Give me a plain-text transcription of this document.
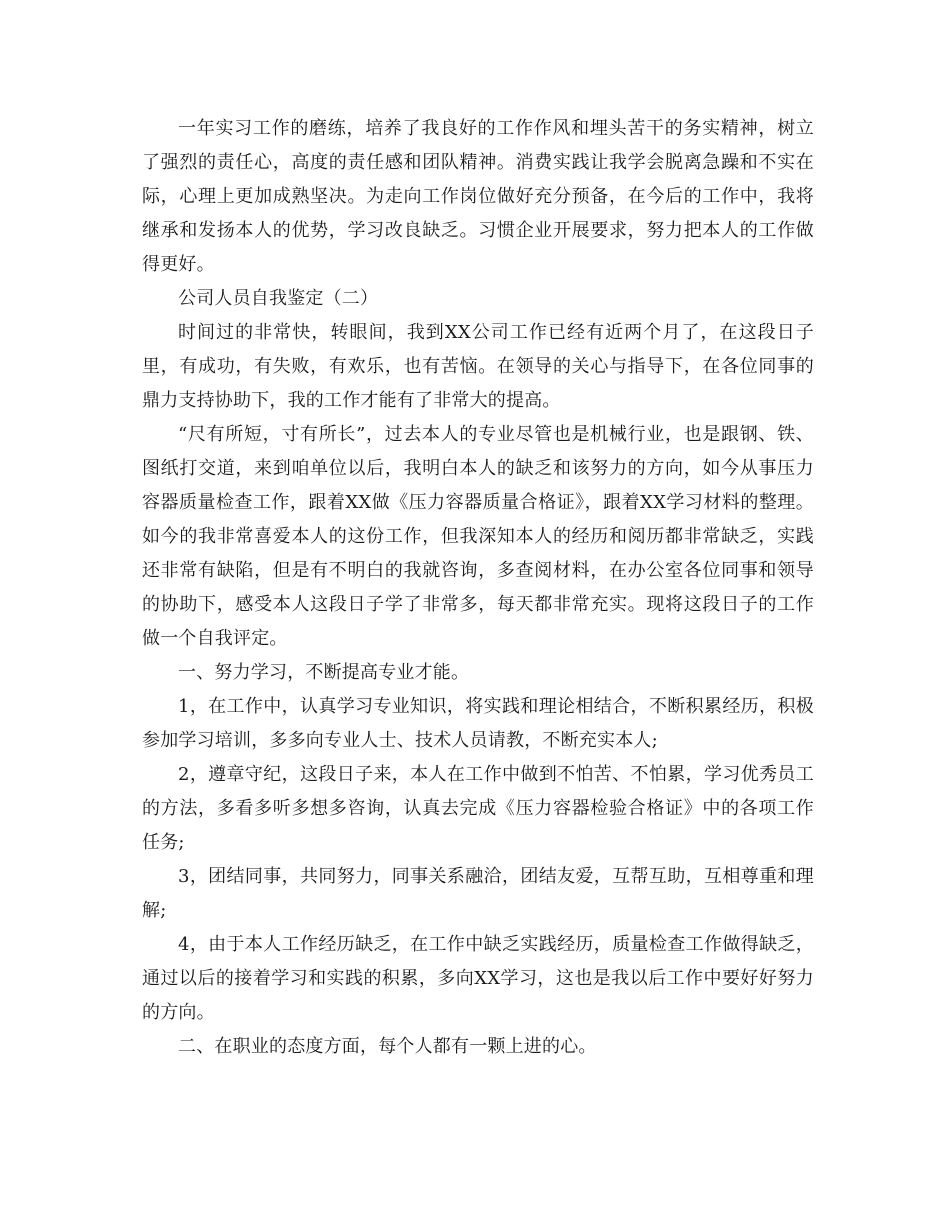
一年实习工作的磨练，培养了我良好的工作作风和埋头苦干的务实精神，树立了强烈的责任心，高度的责任感和团队精神。消费实践让我学会脱离急躁和不实在际，心理上更加成熟坚决。为走向工作岗位做好充分预备，在今后的工作中，我将继承和发扬本人的优势，学习改良缺乏。习惯企业开展要求，努力把本人的工作做得更好。

公司人员自我鉴定（二）

时间过的非常快，转眼间，我到XX公司工作已经有近两个月了，在这段日子里，有成功，有失败，有欢乐，也有苦恼。在领导的关心与指导下，在各位同事的鼎力支持协助下，我的工作才能有了非常大的提高。

“尺有所短，寸有所长”，过去本人的专业尽管也是机械行业，也是跟钢、铁、图纸打交道，来到咱单位以后，我明白本人的缺乏和该努力的方向，如今从事压力容器质量检查工作，跟着XX做《压力容器质量合格证》，跟着XX学习材料的整理。如今的我非常喜爱本人的这份工作，但我深知本人的经历和阅历都非常缺乏，实践还非常有缺陷，但是有不明白的我就咨询，多查阅材料，在办公室各位同事和领导的协助下，感受本人这段日子学了非常多，每天都非常充实。现将这段日子的工作做一个自我评定。

一、努力学习，不断提高专业才能。

1，在工作中，认真学习专业知识，将实践和理论相结合，不断积累经历，积极参加学习培训，多多向专业人士、技术人员请教，不断充实本人;

2，遵章守纪，这段日子来，本人在工作中做到不怕苦、不怕累，学习优秀员工的方法，多看多听多想多咨询，认真去完成《压力容器检验合格证》中的各项工作任务;

3，团结同事，共同努力，同事关系融洽，团结友爱，互帮互助，互相尊重和理解;

4，由于本人工作经历缺乏，在工作中缺乏实践经历，质量检查工作做得缺乏，通过以后的接着学习和实践的积累，多向XX学习，这也是我以后工作中要好好努力的方向。

二、在职业的态度方面，每个人都有一颗上进的心。
